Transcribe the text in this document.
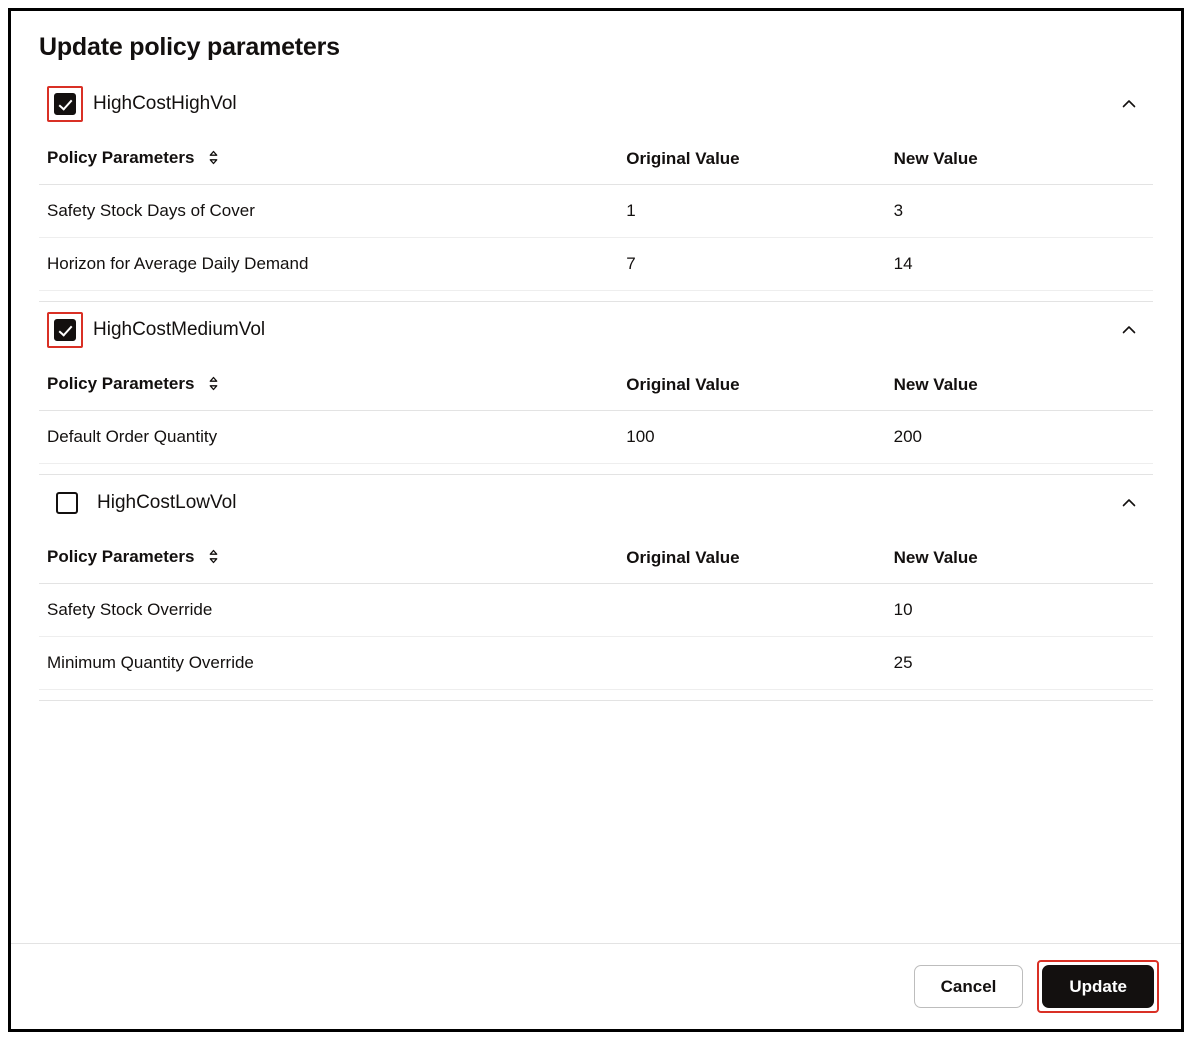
Update policy parameters
HighCostHighVol
Policy Parameters	Original Value	New Value
Safety Stock Days of Cover	1	3
Horizon for Average Daily Demand	7	14
HighCostMediumVol
Policy Parameters	Original Value	New Value
Default Order Quantity	100	200
HighCostLowVol
Policy Parameters	Original Value	New Value
Safety Stock Override		10
Minimum Quantity Override		25
Cancel	Update
